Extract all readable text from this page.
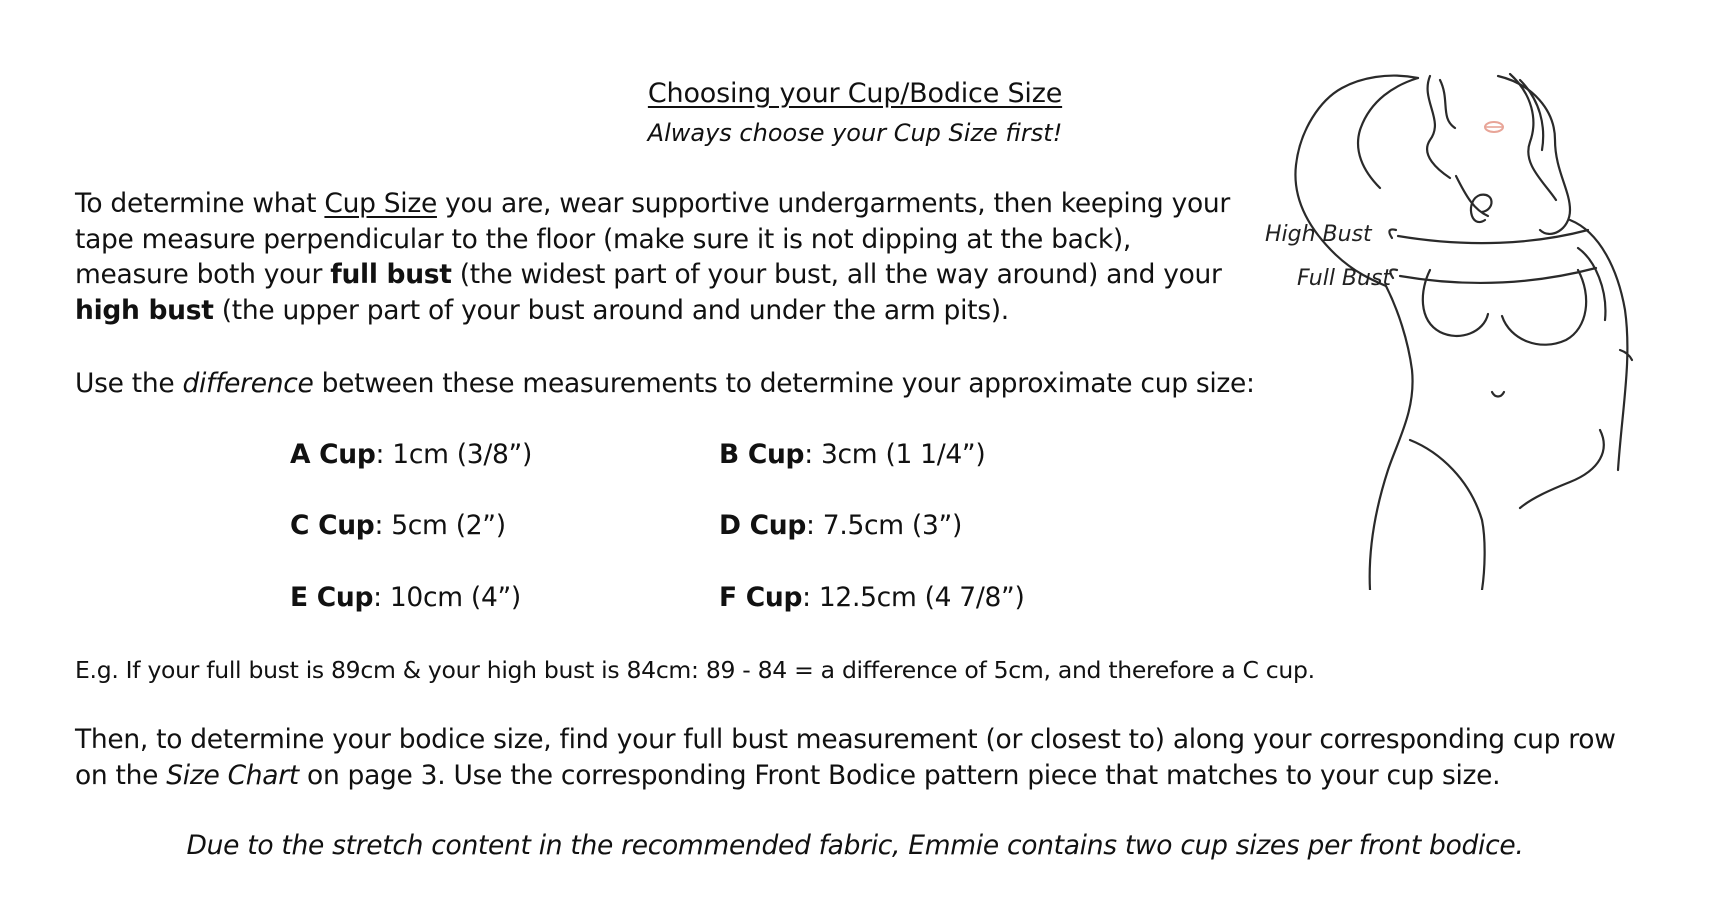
Choosing your Cup/Bodice Size
Always choose your Cup Size first!
To determine what Cup Size you are, wear supportive undergarments, then keeping your
tape measure perpendicular to the floor (make sure it is not dipping at the back),
measure both your full bust (the widest part of your bust, all the way around) and your
high bust (the upper part of your bust around and under the arm pits).
Use the difference between these measurements to determine your approximate cup size:
A Cup: 1cm (3/8”)	B Cup: 3cm (1 1/4”)
C Cup: 5cm (2”)	D Cup: 7.5cm (3”)
E Cup: 10cm (4”)	F Cup: 12.5cm (4 7/8”)
E.g. If your full bust is 89cm & your high bust is 84cm: 89 - 84 = a difference of 5cm, and therefore a C cup.
Then, to determine your bodice size, find your full bust measurement (or closest to) along your corresponding cup row
on the Size Chart on page 3. Use the corresponding Front Bodice pattern piece that matches to your cup size.
Due to the stretch content in the recommended fabric, Emmie contains two cup sizes per front bodice.
High Bust
Full Bust
